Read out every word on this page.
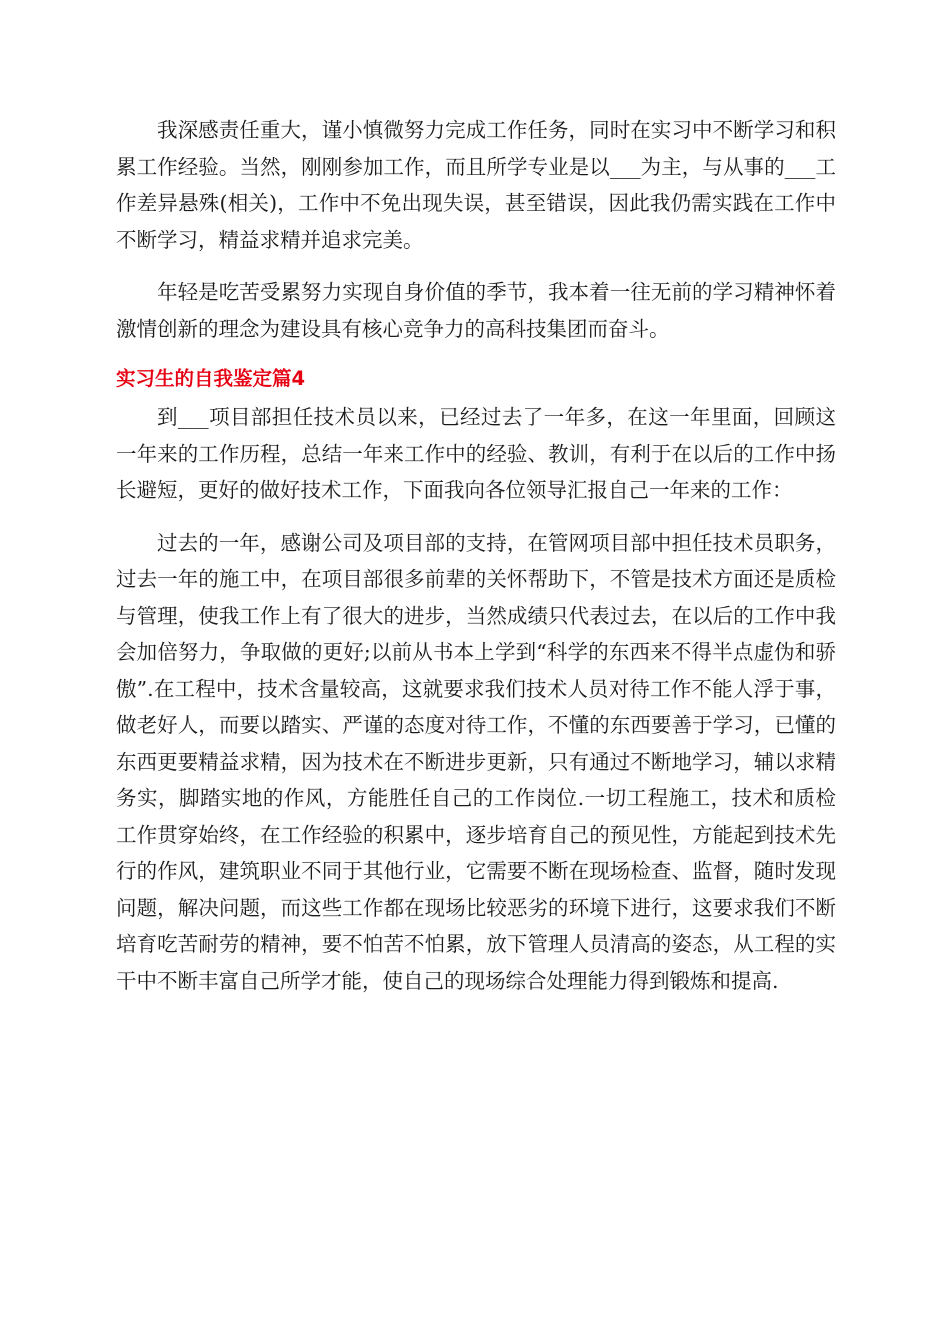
我深感责任重大，谨小慎微努力完成工作任务，同时在实习中不断学习和积累工作经验。当然，刚刚参加工作，而且所学专业是以___为主，与从事的___工作差异悬殊(相关)，工作中不免出现失误，甚至错误，因此我仍需实践在工作中不断学习，精益求精并追求完美。

年轻是吃苦受累努力实现自身价值的季节，我本着一往无前的学习精神怀着激情创新的理念为建设具有核心竞争力的高科技集团而奋斗。

实习生的自我鉴定篇4

到___项目部担任技术员以来，已经过去了一年多，在这一年里面，回顾这一年来的工作历程，总结一年来工作中的经验、教训，有利于在以后的工作中扬长避短，更好的做好技术工作，下面我向各位领导汇报自己一年来的工作：

过去的一年，感谢公司及项目部的支持，在管网项目部中担任技术员职务，过去一年的施工中，在项目部很多前辈的关怀帮助下，不管是技术方面还是质检与管理，使我工作上有了很大的进步，当然成绩只代表过去，在以后的工作中我会加倍努力，争取做的更好;以前从书本上学到“科学的东西来不得半点虚伪和骄傲”.在工程中，技术含量较高，这就要求我们技术人员对待工作不能人浮于事，做老好人，而要以踏实、严谨的态度对待工作，不懂的东西要善于学习，已懂的东西更要精益求精，因为技术在不断进步更新，只有通过不断地学习，辅以求精务实，脚踏实地的作风，方能胜任自己的工作岗位.一切工程施工，技术和质检工作贯穿始终，在工作经验的积累中，逐步培育自己的预见性，方能起到技术先行的作风，建筑职业不同于其他行业，它需要不断在现场检查、监督，随时发现问题，解决问题，而这些工作都在现场比较恶劣的环境下进行，这要求我们不断培育吃苦耐劳的精神，要不怕苦不怕累，放下管理人员清高的姿态，从工程的实干中不断丰富自己所学才能，使自己的现场综合处理能力得到锻炼和提高.
